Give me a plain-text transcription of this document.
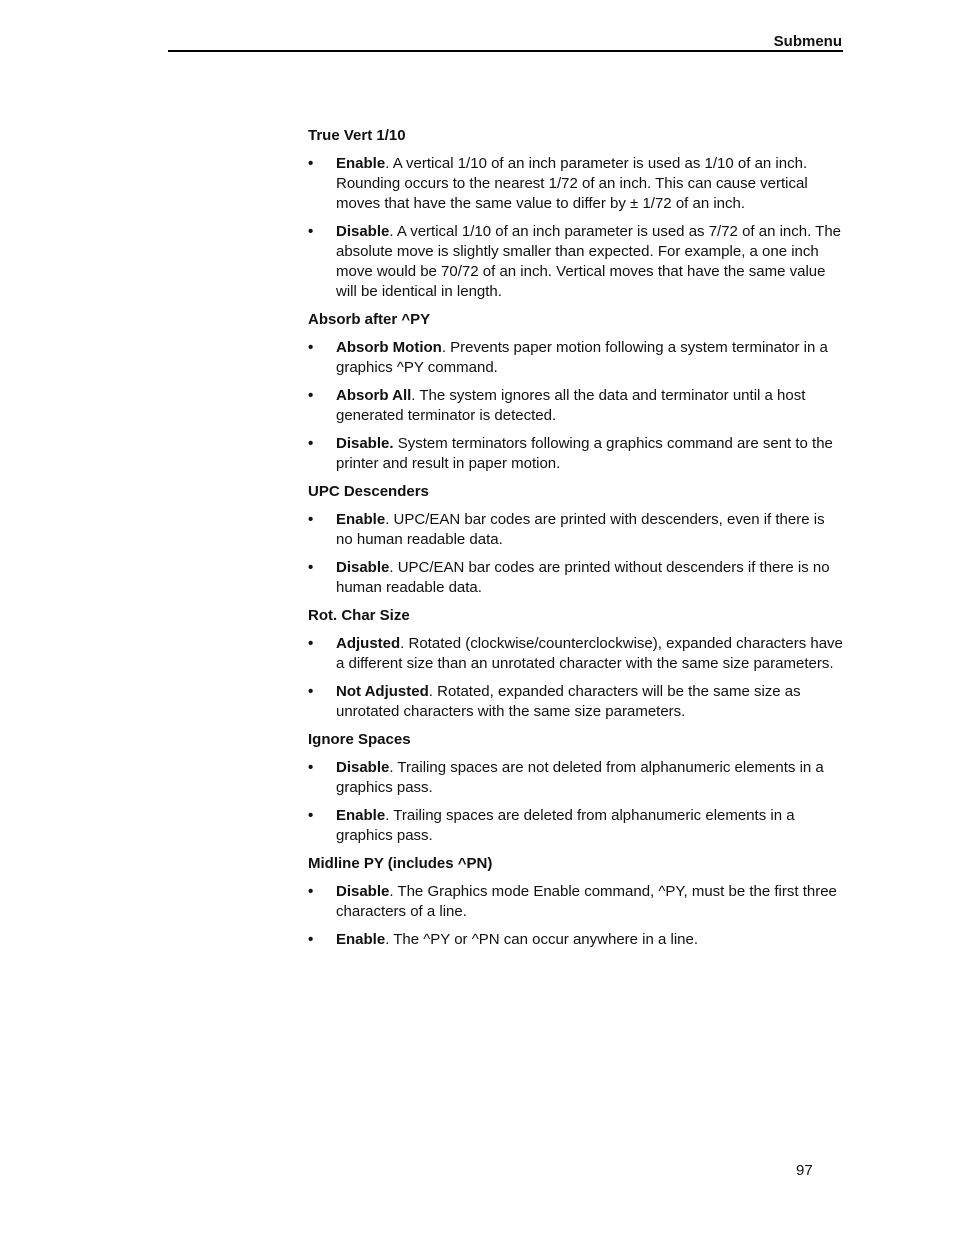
Submenu
True Vert 1/10
• Enable. A vertical 1/10 of an inch parameter is used as 1/10 of an inch. Rounding occurs to the nearest 1/72 of an inch. This can cause vertical moves that have the same value to differ by ± 1/72 of an inch.
• Disable. A vertical 1/10 of an inch parameter is used as 7/72 of an inch. The absolute move is slightly smaller than expected. For example, a one inch move would be 70/72 of an inch. Vertical moves that have the same value will be identical in length.
Absorb after ^PY
• Absorb Motion. Prevents paper motion following a system terminator in a graphics ^PY command.
• Absorb All. The system ignores all the data and terminator until a host generated terminator is detected.
• Disable. System terminators following a graphics command are sent to the printer and result in paper motion.
UPC Descenders
• Enable. UPC/EAN bar codes are printed with descenders, even if there is no human readable data.
• Disable. UPC/EAN bar codes are printed without descenders if there is no human readable data.
Rot. Char Size
• Adjusted. Rotated (clockwise/counterclockwise), expanded characters have a different size than an unrotated character with the same size parameters.
• Not Adjusted. Rotated, expanded characters will be the same size as unrotated characters with the same size parameters.
Ignore Spaces
• Disable. Trailing spaces are not deleted from alphanumeric elements in a graphics pass.
• Enable. Trailing spaces are deleted from alphanumeric elements in a graphics pass.
Midline PY (includes ^PN)
• Disable. The Graphics mode Enable command, ^PY, must be the first three characters of a line.
• Enable. The ^PY or ^PN can occur anywhere in a line.
97
